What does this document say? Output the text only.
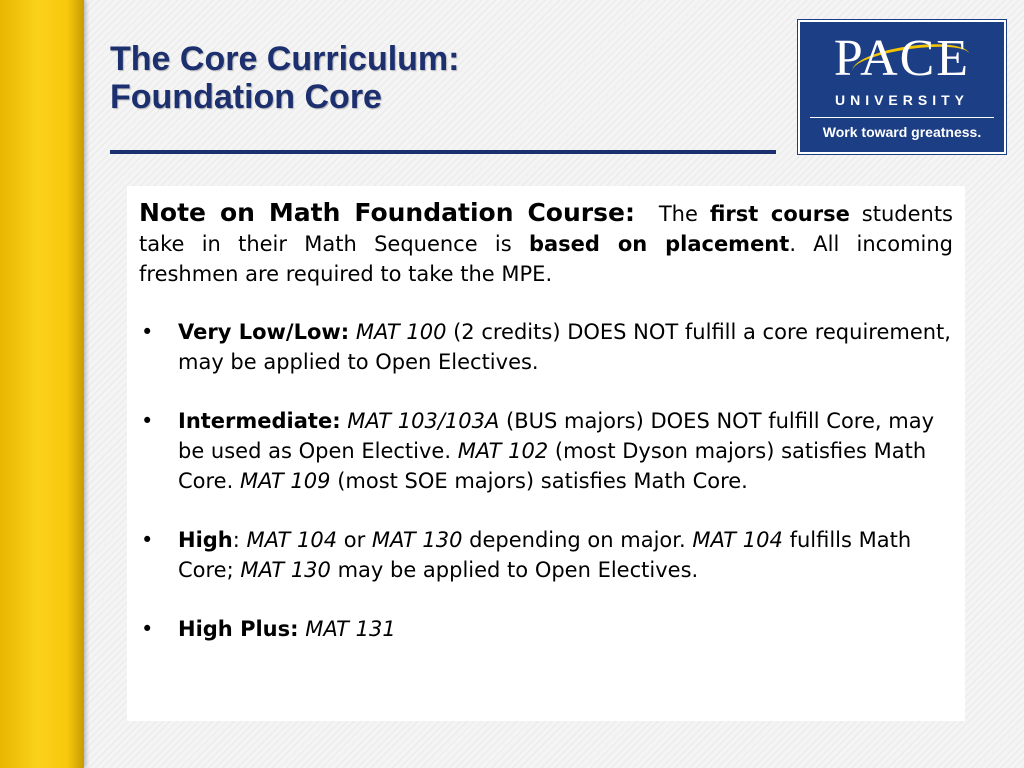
The Core Curriculum:
Foundation Core
PACE
UNIVERSITY
Work toward greatness.

Note on Math Foundation Course: The first course students take in their Math Sequence is based on placement. All incoming freshmen are required to take the MPE.

• Very Low/Low: MAT 100 (2 credits) DOES NOT fulfill a core requirement, may be applied to Open Electives.
• Intermediate: MAT 103/103A (BUS majors) DOES NOT fulfill Core, may be used as Open Elective. MAT 102 (most Dyson majors) satisfies Math Core. MAT 109 (most SOE majors) satisfies Math Core.
• High: MAT 104 or MAT 130 depending on major. MAT 104 fulfills Math Core; MAT 130 may be applied to Open Electives.
• High Plus: MAT 131
